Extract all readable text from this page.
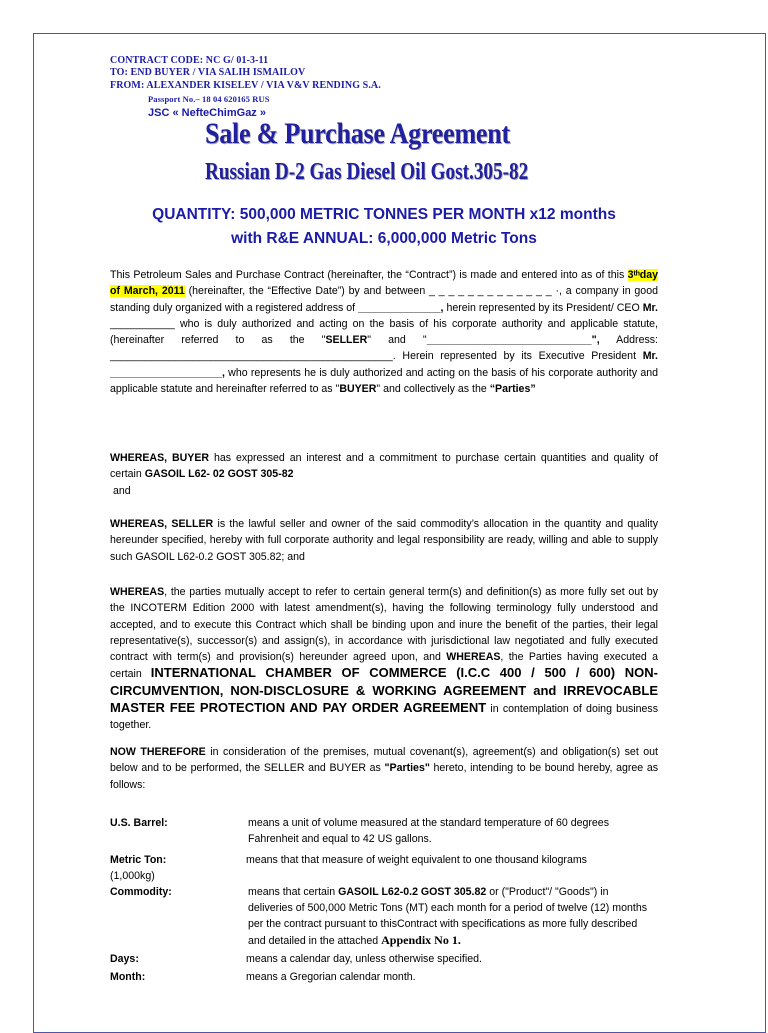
CONTRACT CODE: NC G/ 01-3-11
TO: END BUYER / VIA SALIH ISMAILOV
FROM: ALEXANDER KISELEV / VIA V&V RENDING S.A.
Passport No.– 18 04 620165 RUS
JSC « NefteChimGaz »
Sale & Purchase Agreement
Russian D-2 Gas Diesel Oil Gost.305-82
QUANTITY: 500,000 METRIC TONNES PER MONTH x12 months
with R&E ANNUAL: 6,000,000 Metric Tons

This Petroleum Sales and Purchase Contract (hereinafter, the “Contract”) is made and entered into as of this 3ᵗʰday of March, 2011 (hereinafter, the “Effective Date”) by and between _ _ _ _ _ _ _ _ _ _ _ _ _ ·, a company in good standing duly organized with a registered address of ______________, herein represented by its President/ CEO Mr. ___________ who is duly authorized and acting on the basis of his corporate authority and applicable statute, (hereinafter referred to as the "SELLER" and "____________________________", Address: ________________________________________________. Herein represented by its Executive President Mr. ___________________, who represents he is duly authorized and acting on the basis of his corporate authority and applicable statute and hereinafter referred to as "BUYER" and collectively as the “Parties”

WHEREAS, BUYER has expressed an interest and a commitment to purchase certain quantities and quality of certain GASOIL L62- 02 GOST 305-82
and

WHEREAS, SELLER is the lawful seller and owner of the said commodity’s allocation in the quantity and quality hereunder specified, hereby with full corporate authority and legal responsibility are ready, willing and able to supply such GASOIL L62-0.2 GOST 305.82; and

WHEREAS, the parties mutually accept to refer to certain general term(s) and definition(s) as more fully set out by the INCOTERM Edition 2000 with latest amendment(s), having the following terminology fully understood and accepted, and to execute this Contract which shall be binding upon and inure the benefit of the parties, their legal representative(s), successor(s) and assign(s), in accordance with jurisdictional law negotiated and fully executed contract with term(s) and provision(s) hereunder agreed upon, and WHEREAS, the Parties having executed a certain INTERNATIONAL CHAMBER OF COMMERCE (I.C.C 400 / 500 / 600) NON-CIRCUMVENTION, NON-DISCLOSURE & WORKING AGREEMENT and IRREVOCABLE MASTER FEE PROTECTION AND PAY ORDER AGREEMENT in contemplation of doing business together.

NOW THEREFORE in consideration of the premises, mutual covenant(s), agreement(s) and obligation(s) set out below and to be performed, the SELLER and BUYER as "Parties" hereto, intending to be bound hereby, agree as follows:

U.S. Barrel:	means a unit of volume measured at the standard temperature of 60 degrees Fahrenheit and equal to 42 US gallons.
Metric Ton:	means that that measure of weight equivalent to one thousand kilograms
(1,000kg)
Commodity:	means that certain GASOIL L62-0.2 GOST 305.82 or ("Product"/ "Goods") in deliveries of 500,000 Metric Tons (MT) each month for a period of twelve (12) months per the contract pursuant to thisContract with specifications as more fully described and detailed in the attached Appendix No 1.
Days:	means a calendar day, unless otherwise specified.
Month:	means a Gregorian calendar month.
